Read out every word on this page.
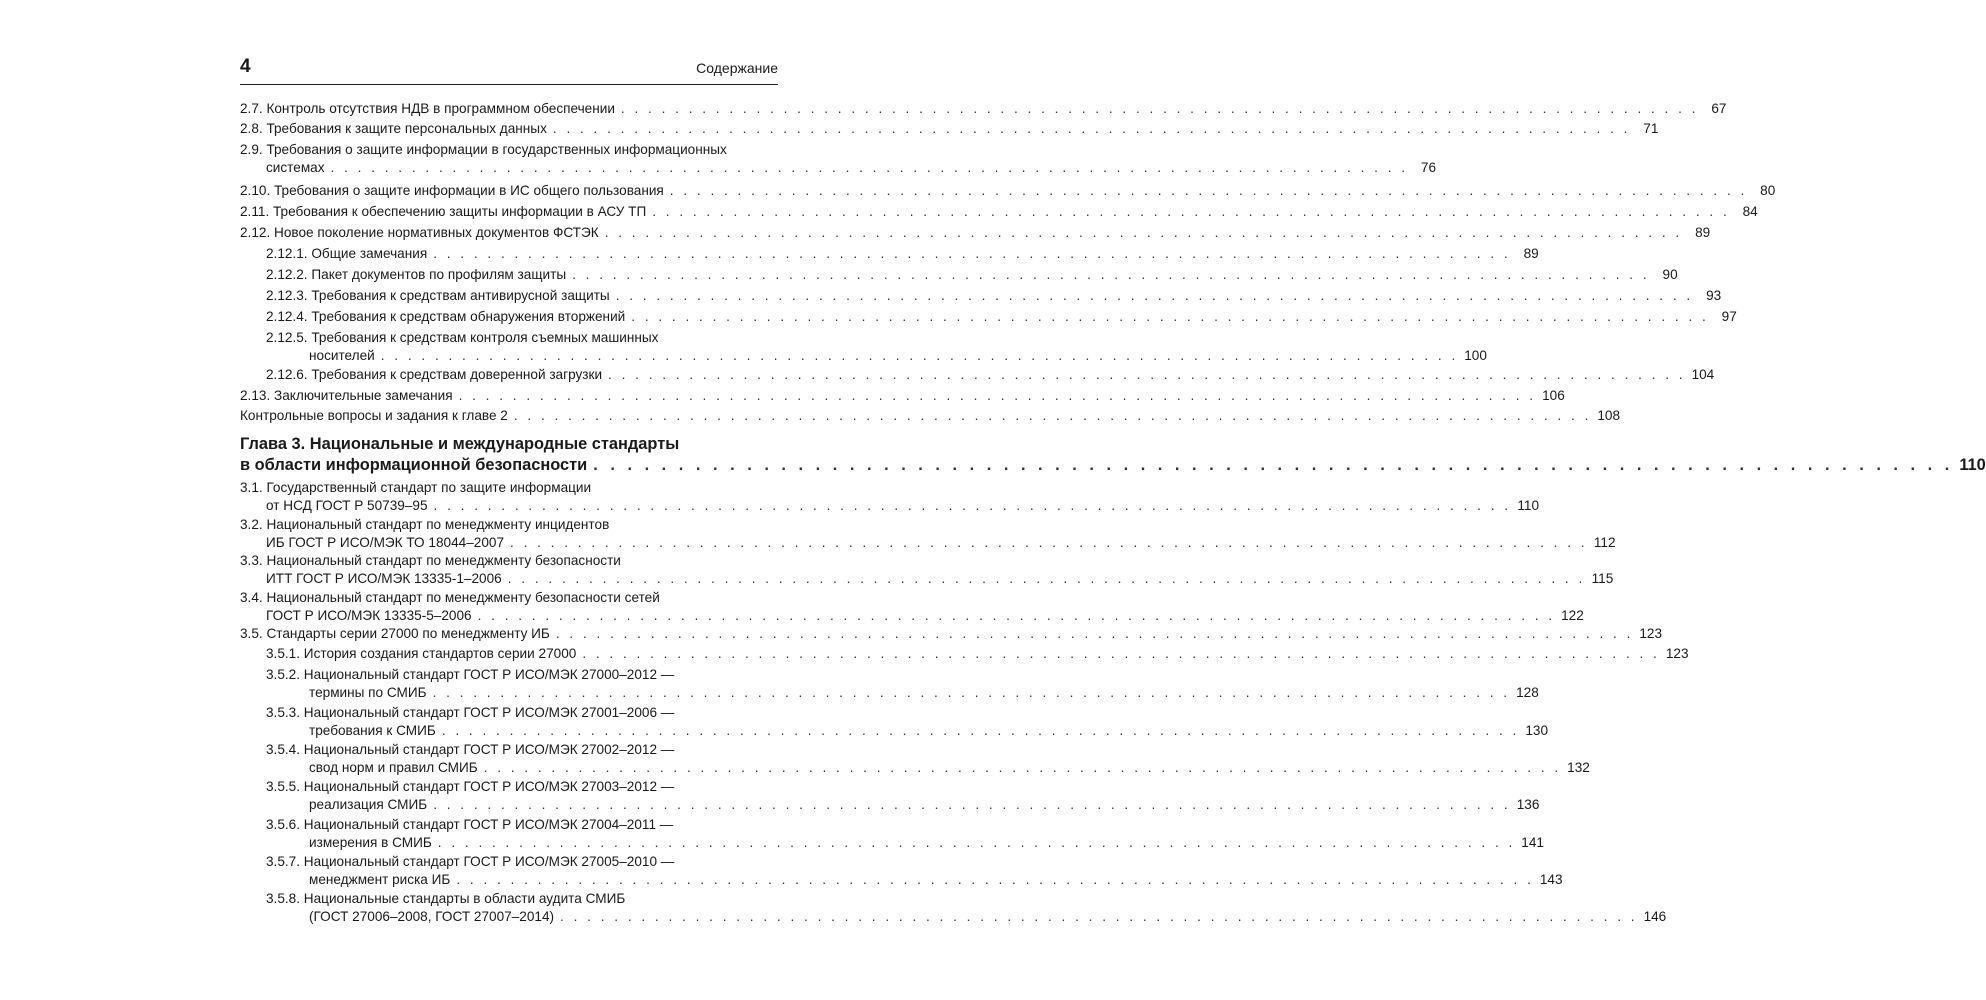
4	Содержание
2.7. Контроль отсутствия НДВ в программном обеспечении . . . . . . . . . . . . . . . . . . . . . . . . . . . . . . . . . . . . . . . . . . . . . . . . . . . . . . . . . . . . . . . . . . . . . . . . . . . . . . . . 67
2.8. Требования к защите персональных данных . . . . . . . . . . . . . . . . . . . . . . . . . . . . . . . . . . . . . . . . . . . . . . . . . . . . . . . . . . . . . . . . . . . . . . . . . . . . . . . . 71
2.9. Требования о защите информации в государственных информационных
системах . . . . . . . . . . . . . . . . . . . . . . . . . . . . . . . . . . . . . . . . . . . . . . . . . . . . . . . . . . . . . . . . . . . . . . . . . . . . . . . . 76
2.10. Требования о защите информации в ИС общего пользования . . . . . . . . . . . . . . . . . . . . . . . . . . . . . . . . . . . . . . . . . . . . . . . . . . . . . . . . . . . . . . . . . . . . . . . . . . . . . . . . 80
2.11. Требования к обеспечению защиты информации в АСУ ТП . . . . . . . . . . . . . . . . . . . . . . . . . . . . . . . . . . . . . . . . . . . . . . . . . . . . . . . . . . . . . . . . . . . . . . . . . . . . . . . . 84
2.12. Новое поколение нормативных документов ФСТЭК . . . . . . . . . . . . . . . . . . . . . . . . . . . . . . . . . . . . . . . . . . . . . . . . . . . . . . . . . . . . . . . . . . . . . . . . . . . . . . . . 89
2.12.1. Общие замечания . . . . . . . . . . . . . . . . . . . . . . . . . . . . . . . . . . . . . . . . . . . . . . . . . . . . . . . . . . . . . . . . . . . . . . . . . . . . . . . . 89
2.12.2. Пакет документов по профилям защиты . . . . . . . . . . . . . . . . . . . . . . . . . . . . . . . . . . . . . . . . . . . . . . . . . . . . . . . . . . . . . . . . . . . . . . . . . . . . . . . . 90
2.12.3. Требования к средствам антивирусной защиты . . . . . . . . . . . . . . . . . . . . . . . . . . . . . . . . . . . . . . . . . . . . . . . . . . . . . . . . . . . . . . . . . . . . . . . . . . . . . . . . 93
2.12.4. Требования к средствам обнаружения вторжений . . . . . . . . . . . . . . . . . . . . . . . . . . . . . . . . . . . . . . . . . . . . . . . . . . . . . . . . . . . . . . . . . . . . . . . . . . . . . . . . 97
2.12.5. Требования к средствам контроля съемных машинных
носителей . . . . . . . . . . . . . . . . . . . . . . . . . . . . . . . . . . . . . . . . . . . . . . . . . . . . . . . . . . . . . . . . . . . . . . . . . . . . . . . . 100
2.12.6. Требования к средствам доверенной загрузки . . . . . . . . . . . . . . . . . . . . . . . . . . . . . . . . . . . . . . . . . . . . . . . . . . . . . . . . . . . . . . . . . . . . . . . . . . . . . . . . 104
2.13. Заключительные замечания . . . . . . . . . . . . . . . . . . . . . . . . . . . . . . . . . . . . . . . . . . . . . . . . . . . . . . . . . . . . . . . . . . . . . . . . . . . . . . . . 106
Контрольные вопросы и задания к главе 2 . . . . . . . . . . . . . . . . . . . . . . . . . . . . . . . . . . . . . . . . . . . . . . . . . . . . . . . . . . . . . . . . . . . . . . . . . . . . . . . . 108
Глава 3. Национальные и международные стандарты
в области информационной безопасности . . . . . . . . . . . . . . . . . . . . . . . . . . . . . . . . . . . . . . . . . . . . . . . . . . . . . . . . . . . . . . . . . . . . . . . . . . . . . . . . 110
3.1. Государственный стандарт по защите информации
от НСД ГОСТ Р 50739–95 . . . . . . . . . . . . . . . . . . . . . . . . . . . . . . . . . . . . . . . . . . . . . . . . . . . . . . . . . . . . . . . . . . . . . . . . . . . . . . . . 110
3.2. Национальный стандарт по менеджменту инцидентов
ИБ ГОСТ Р ИСО/МЭК ТО 18044–2007 . . . . . . . . . . . . . . . . . . . . . . . . . . . . . . . . . . . . . . . . . . . . . . . . . . . . . . . . . . . . . . . . . . . . . . . . . . . . . . . . 112
3.3. Национальный стандарт по менеджменту безопасности
ИТТ ГОСТ Р ИСО/МЭК 13335-1–2006 . . . . . . . . . . . . . . . . . . . . . . . . . . . . . . . . . . . . . . . . . . . . . . . . . . . . . . . . . . . . . . . . . . . . . . . . . . . . . . . . 115
3.4. Национальный стандарт по менеджменту безопасности сетей
ГОСТ Р ИСО/МЭК 13335-5–2006 . . . . . . . . . . . . . . . . . . . . . . . . . . . . . . . . . . . . . . . . . . . . . . . . . . . . . . . . . . . . . . . . . . . . . . . . . . . . . . . . 122
3.5. Стандарты серии 27000 по менеджменту ИБ . . . . . . . . . . . . . . . . . . . . . . . . . . . . . . . . . . . . . . . . . . . . . . . . . . . . . . . . . . . . . . . . . . . . . . . . . . . . . . . . 123
3.5.1. История создания стандартов серии 27000 . . . . . . . . . . . . . . . . . . . . . . . . . . . . . . . . . . . . . . . . . . . . . . . . . . . . . . . . . . . . . . . . . . . . . . . . . . . . . . . . 123
3.5.2. Национальный стандарт ГОСТ Р ИСО/МЭК 27000–2012 —
термины по СМИБ . . . . . . . . . . . . . . . . . . . . . . . . . . . . . . . . . . . . . . . . . . . . . . . . . . . . . . . . . . . . . . . . . . . . . . . . . . . . . . . . 128
3.5.3. Национальный стандарт ГОСТ Р ИСО/МЭК 27001–2006 —
требования к СМИБ . . . . . . . . . . . . . . . . . . . . . . . . . . . . . . . . . . . . . . . . . . . . . . . . . . . . . . . . . . . . . . . . . . . . . . . . . . . . . . . . 130
3.5.4. Национальный стандарт ГОСТ Р ИСО/МЭК 27002–2012 —
свод норм и правил СМИБ . . . . . . . . . . . . . . . . . . . . . . . . . . . . . . . . . . . . . . . . . . . . . . . . . . . . . . . . . . . . . . . . . . . . . . . . . . . . . . . . 132
3.5.5. Национальный стандарт ГОСТ Р ИСО/МЭК 27003–2012 —
реализация СМИБ . . . . . . . . . . . . . . . . . . . . . . . . . . . . . . . . . . . . . . . . . . . . . . . . . . . . . . . . . . . . . . . . . . . . . . . . . . . . . . . . 136
3.5.6. Национальный стандарт ГОСТ Р ИСО/МЭК 27004–2011 —
измерения в СМИБ . . . . . . . . . . . . . . . . . . . . . . . . . . . . . . . . . . . . . . . . . . . . . . . . . . . . . . . . . . . . . . . . . . . . . . . . . . . . . . . . 141
3.5.7. Национальный стандарт ГОСТ Р ИСО/МЭК 27005–2010 —
менеджмент риска ИБ . . . . . . . . . . . . . . . . . . . . . . . . . . . . . . . . . . . . . . . . . . . . . . . . . . . . . . . . . . . . . . . . . . . . . . . . . . . . . . . . 143
3.5.8. Национальные стандарты в области аудита СМИБ
(ГОСТ 27006–2008, ГОСТ 27007–2014) . . . . . . . . . . . . . . . . . . . . . . . . . . . . . . . . . . . . . . . . . . . . . . . . . . . . . . . . . . . . . . . . . . . . . . . . . . . . . . . . 146
